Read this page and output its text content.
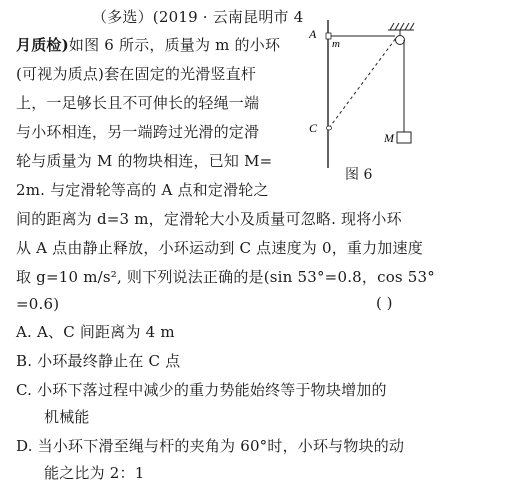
（多选）(2019 · 云南昆明市 4
月质检)如图 6 所示，质量为 m 的小环
(可视为质点)套在固定的光滑竖直杆
上，一足够长且不可伸长的轻绳一端
与小环相连，另一端跨过光滑的定滑
轮与质量为 M 的物块相连，已知 M=
2m. 与定滑轮等高的 A 点和定滑轮之
间的距离为 d=3 m，定滑轮大小及质量可忽略. 现将小环
从 A 点由静止释放，小环运动到 C 点速度为 0，重力加速度
取 g=10 m/s², 则下列说法正确的是(sin 53°=0.8，cos 53°
=0.6)	( )
A. A、C 间距离为 4 m
B. 小环最终静止在 C 点
C. 小环下落过程中减少的重力势能始终等于物块增加的
机械能
D. 当小环下滑至绳与杆的夹角为 60°时，小环与物块的动
能之比为 2：1
A
m
C
M
图 6
